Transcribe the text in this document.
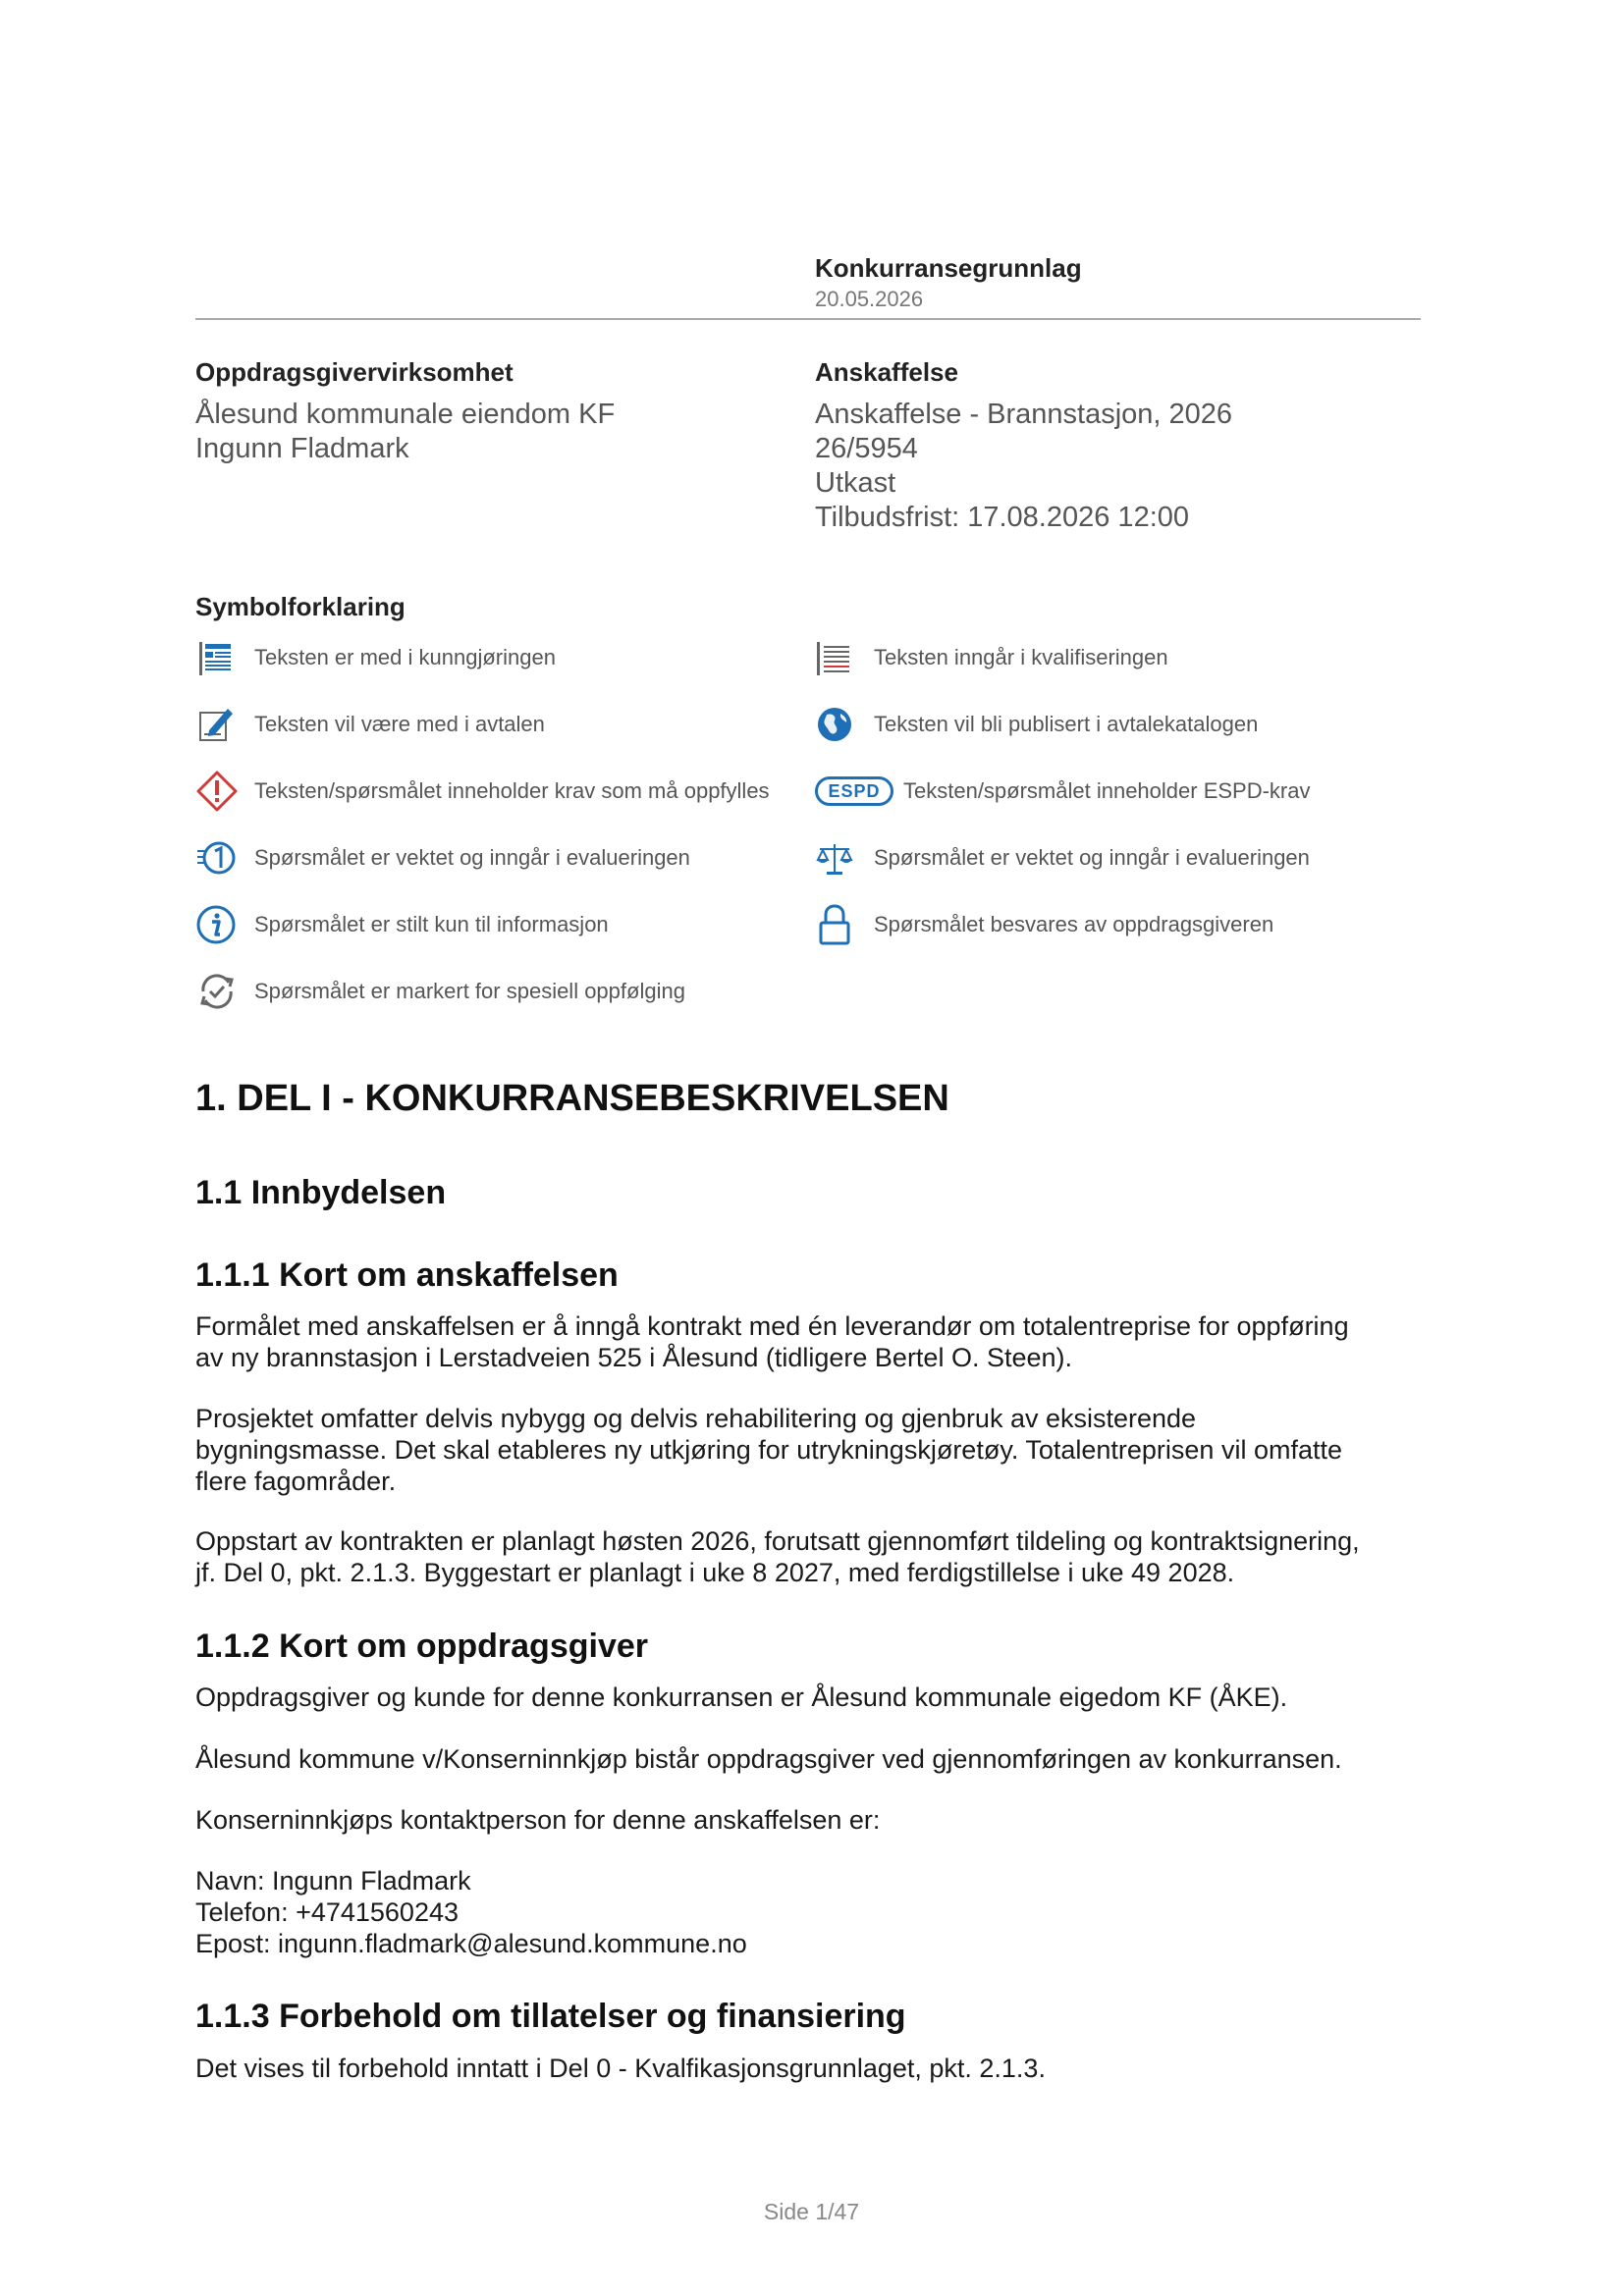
Konkurransegrunnlag
20.05.2026
Oppdragsgivervirksomhet
Ålesund kommunale eiendom KF
Ingunn Fladmark
Anskaffelse
Anskaffelse - Brannstasjon, 2026
26/5954
Utkast
Tilbudsfrist: 17.08.2026 12:00
Symbolforklaring
Teksten er med i kunngjøringen	Teksten inngår i kvalifiseringen
Teksten vil være med i avtalen	Teksten vil bli publisert i avtalekatalogen
Teksten/spørsmålet inneholder krav som må oppfylles	ESPD	Teksten/spørsmålet inneholder ESPD-krav
Spørsmålet er vektet og inngår i evalueringen	Spørsmålet er vektet og inngår i evalueringen
Spørsmålet er stilt kun til informasjon	Spørsmålet besvares av oppdragsgiveren
Spørsmålet er markert for spesiell oppfølging
1. DEL I - KONKURRANSEBESKRIVELSEN
1.1 Innbydelsen
1.1.1 Kort om anskaffelsen
Formålet med anskaffelsen er å inngå kontrakt med én leverandør om totalentreprise for oppføring
av ny brannstasjon i Lerstadveien 525 i Ålesund (tidligere Bertel O. Steen).
Prosjektet omfatter delvis nybygg og delvis rehabilitering og gjenbruk av eksisterende
bygningsmasse. Det skal etableres ny utkjøring for utrykningskjøretøy. Totalentreprisen vil omfatte
flere fagområder.
Oppstart av kontrakten er planlagt høsten 2026, forutsatt gjennomført tildeling og kontraktsignering,
jf. Del 0, pkt. 2.1.3. Byggestart er planlagt i uke 8 2027, med ferdigstillelse i uke 49 2028.
1.1.2 Kort om oppdragsgiver
Oppdragsgiver og kunde for denne konkurransen er Ålesund kommunale eigedom KF (ÅKE).
Ålesund kommune v/Konserninnkjøp bistår oppdragsgiver ved gjennomføringen av konkurransen.
Konserninnkjøps kontaktperson for denne anskaffelsen er:
Navn: Ingunn Fladmark
Telefon: +4741560243
Epost: ingunn.fladmark@alesund.kommune.no
1.1.3 Forbehold om tillatelser og finansiering
Det vises til forbehold inntatt i Del 0 - Kvalfikasjonsgrunnlaget, pkt. 2.1.3.
Side 1/47
